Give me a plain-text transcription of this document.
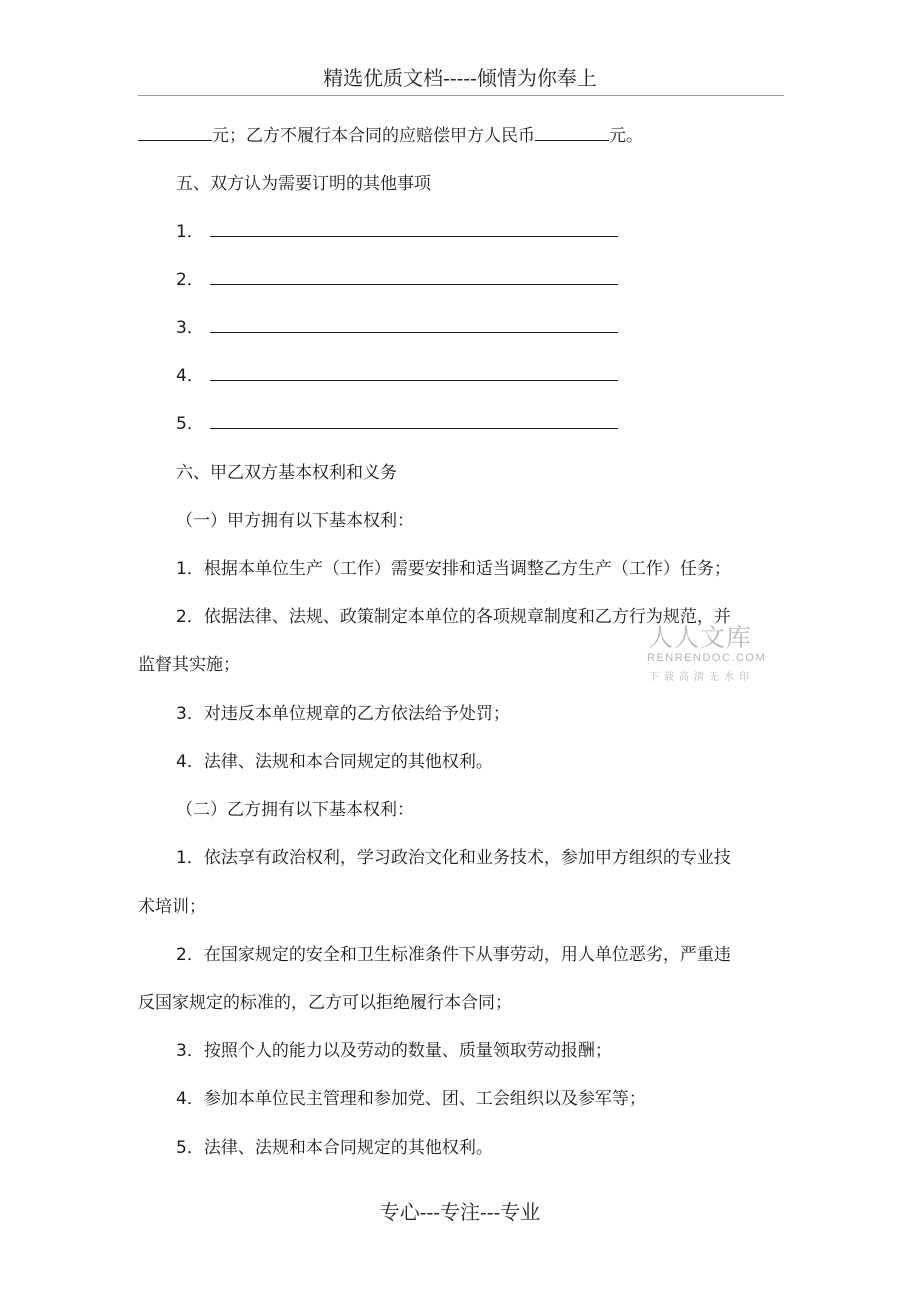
精选优质文档-----倾情为你奉上
元；乙方不履行本合同的应赔偿甲方人民币	元。
五、双方认为需要订明的其他事项
1．
2．
3．
4．
5．
六、甲乙双方基本权利和义务
（一）甲方拥有以下基本权利：
1．根据本单位生产（工作）需要安排和适当调整乙方生产（工作）任务；
2．依据法律、法规、政策制定本单位的各项规章制度和乙方行为规范，并
监督其实施；
3．对违反本单位规章的乙方依法给予处罚；
4．法律、法规和本合同规定的其他权利。
（二）乙方拥有以下基本权利：
1．依法享有政治权利，学习政治文化和业务技术，参加甲方组织的专业技
术培训；
2．在国家规定的安全和卫生标准条件下从事劳动，用人单位恶劣，严重违
反国家规定的标准的，乙方可以拒绝履行本合同；
3．按照个人的能力以及劳动的数量、质量领取劳动报酬；
4．参加本单位民主管理和参加党、团、工会组织以及参军等；
5．法律、法规和本合同规定的其他权利。
人人文库
RENRENDOC.COM
下载高清无水印
专心---专注---专业
